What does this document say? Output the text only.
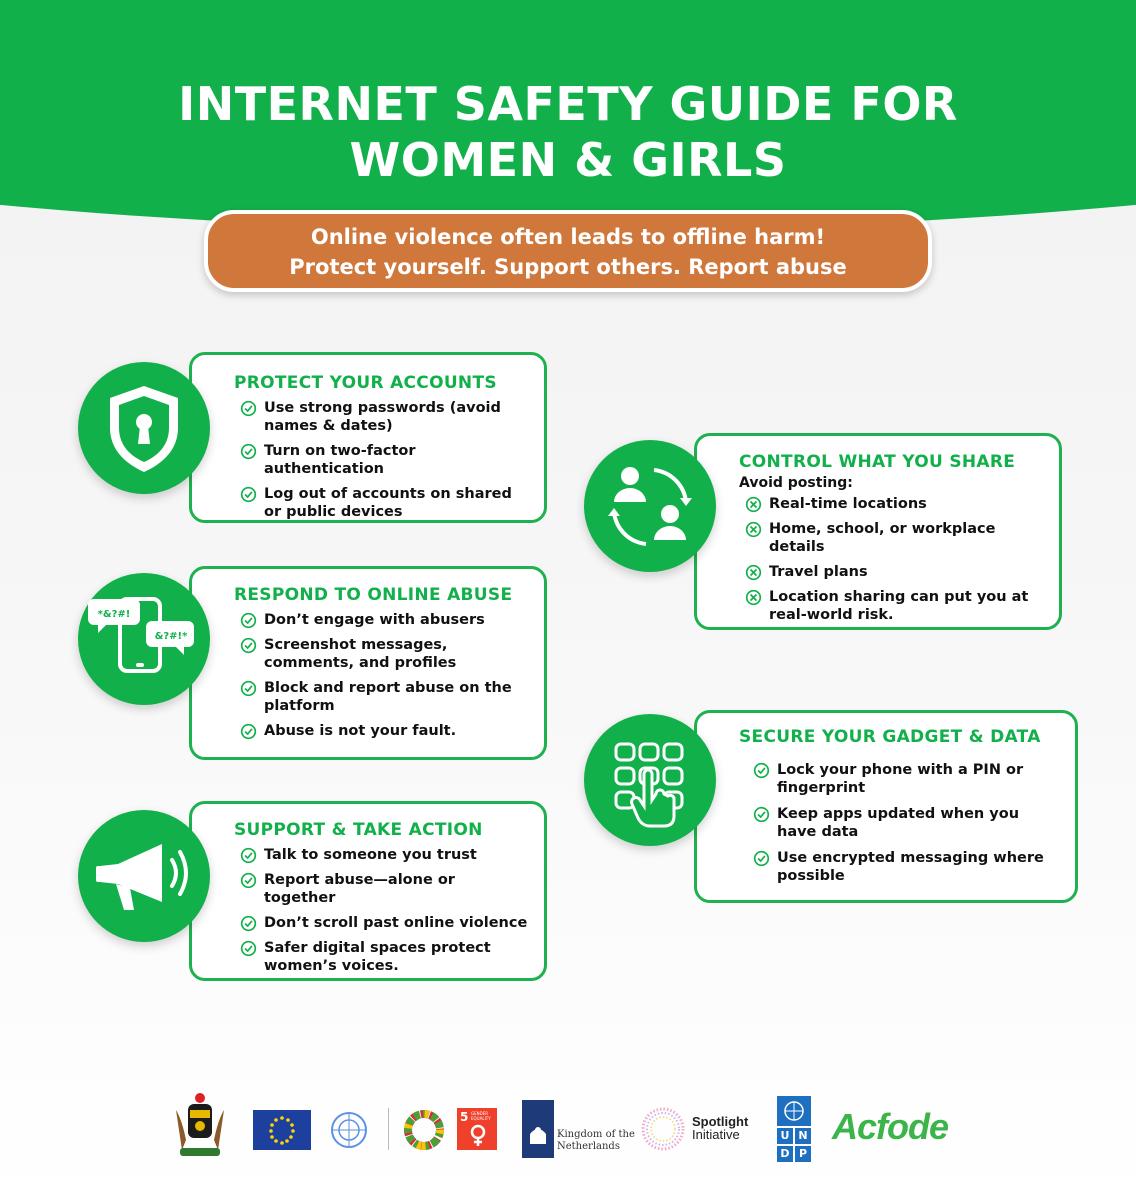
INTERNET SAFETY GUIDE FOR
WOMEN & GIRLS
Online violence often leads to offline harm!
Protect yourself. Support others. Report abuse
PROTECT YOUR ACCOUNTS
Use strong passwords (avoid names & dates)
Turn on two-factor authentication
Log out of accounts on shared or public devices
RESPOND TO ONLINE ABUSE
Don’t engage with abusers
Screenshot messages, comments, and profiles
Block and report abuse on the platform
Abuse is not your fault.
*&?#!
&?#!*
SUPPORT & TAKE ACTION
Talk to someone you trust
Report abuse—alone or together
Don’t scroll past online violence
Safer digital spaces protect women’s voices.
CONTROL WHAT YOU SHARE
Avoid posting:
Real-time locations
Home, school, or workplace details
Travel plans
Location sharing can put you at real-world risk.
SECURE YOUR GADGET & DATA
Lock your phone with a PIN or fingerprint
Keep apps updated when you have data
Use encrypted messaging where possible
5 GENDER EQUALITY
Kingdom of the
Netherlands
Spotlight
Initiative	U N
D P
Acfode
